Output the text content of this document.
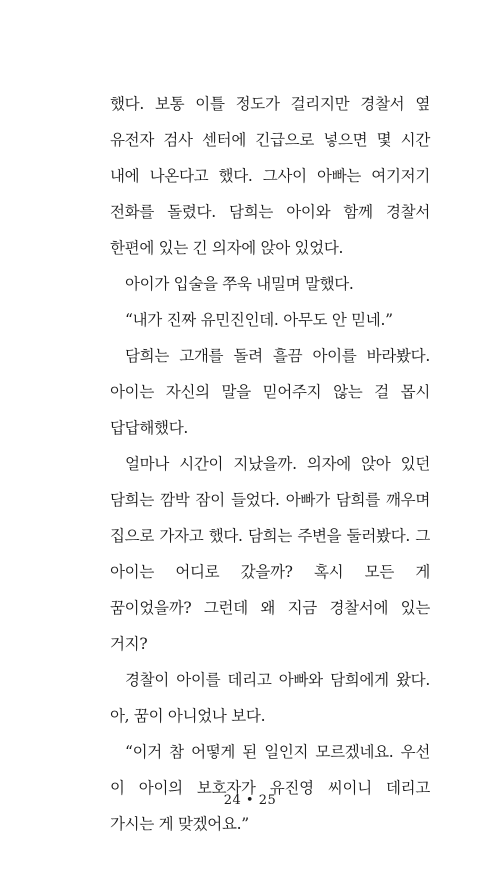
했다. 보통 이틀 정도가 걸리지만 경찰서 옆 유전자 검사 센터에 긴급으로 넣으면 몇 시간 내에 나온다고 했다. 그사이 아빠는 여기저기 전화를 돌렸다. 담희는 아이와 함께 경찰서 한편에 있는 긴 의자에 앉아 있었다.

아이가 입술을 쭈욱 내밀며 말했다.

“내가 진짜 유민진인데. 아무도 안 믿네.”

담희는 고개를 돌려 흘끔 아이를 바라봤다. 아이는 자신의 말을 믿어주지 않는 걸 몹시 답답해했다.

얼마나 시간이 지났을까. 의자에 앉아 있던 담희는 깜박 잠이 들었다. 아빠가 담희를 깨우며 집으로 가자고 했다. 담희는 주변을 둘러봤다. 그 아이는 어디로 갔을까? 혹시 모든 게 꿈이었을까? 그런데 왜 지금 경찰서에 있는 거지?

경찰이 아이를 데리고 아빠와 담희에게 왔다. 아, 꿈이 아니었나 보다.

“이거 참 어떻게 된 일인지 모르겠네요. 우선 이 아이의 보호자가 유진영 씨이니 데리고 가시는 게 맞겠어요.”

24 • 25
